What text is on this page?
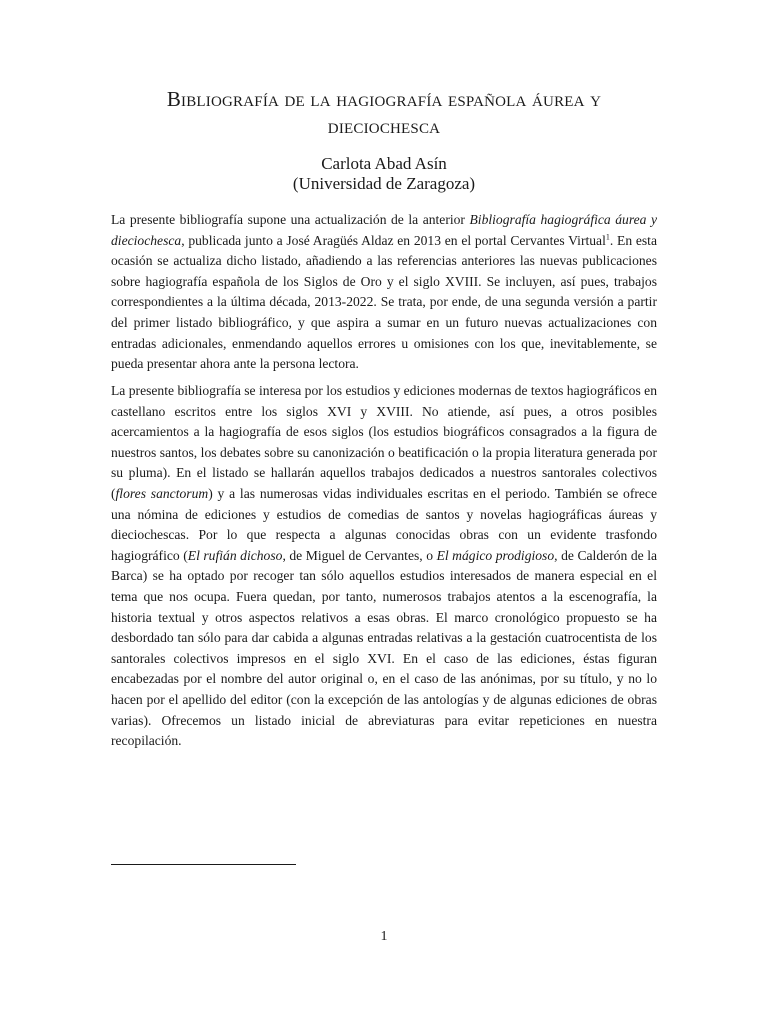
Bibliografía de la hagiografía española áurea y
dieciochesca
Carlota Abad Asín
(Universidad de Zaragoza)

La presente bibliografía supone una actualización de la anterior Bibliografía hagiográfica áurea y dieciochesca, publicada junto a José Aragüés Aldaz en 2013 en el portal Cervantes Virtual$^1$. En esta ocasión se actualiza dicho listado, añadiendo a las referencias anteriores las nuevas publicaciones sobre hagiografía española de los Siglos de Oro y el siglo XVIII. Se incluyen, así pues, trabajos correspondientes a la última década, 2013-2022. Se trata, por ende, de una segunda versión a partir del primer listado bibliográfico, y que aspira a sumar en un futuro nuevas actualizaciones con entradas adicionales, enmendando aquellos errores u omisiones con los que, inevitablemente, se pueda presentar ahora ante la persona lectora.

La presente bibliografía se interesa por los estudios y ediciones modernas de textos hagiográficos en castellano escritos entre los siglos XVI y XVIII. No atiende, así pues, a otros posibles acercamientos a la hagiografía de esos siglos (los estudios biográficos consagrados a la figura de nuestros santos, los debates sobre su canonización o beatificación o la propia literatura generada por su pluma). En el listado se hallarán aquellos trabajos dedicados a nuestros santorales colectivos (flores sanctorum) y a las numerosas vidas individuales escritas en el periodo. También se ofrece una nómina de ediciones y estudios de comedias de santos y novelas hagiográficas áureas y dieciochescas. Por lo que respecta a algunas conocidas obras con un evidente trasfondo hagiográfico (El rufián dichoso, de Miguel de Cervantes, o El mágico prodigioso, de Calderón de la Barca) se ha optado por recoger tan sólo aquellos estudios interesados de manera especial en el tema que nos ocupa. Fuera quedan, por tanto, numerosos trabajos atentos a la escenografía, la historia textual y otros aspectos relativos a esas obras. El marco cronológico propuesto se ha desbordado tan sólo para dar cabida a algunas entradas relativas a la gestación cuatrocentista de los santorales colectivos impresos en el siglo XVI. En el caso de las ediciones, éstas figuran encabezadas por el nombre del autor original o, en el caso de las anónimas, por su título, y no lo hacen por el apellido del editor (con la excepción de las antologías y de algunas ediciones de obras varias). Ofrecemos un listado inicial de abreviaturas para evitar repeticiones en nuestra recopilación.

1
